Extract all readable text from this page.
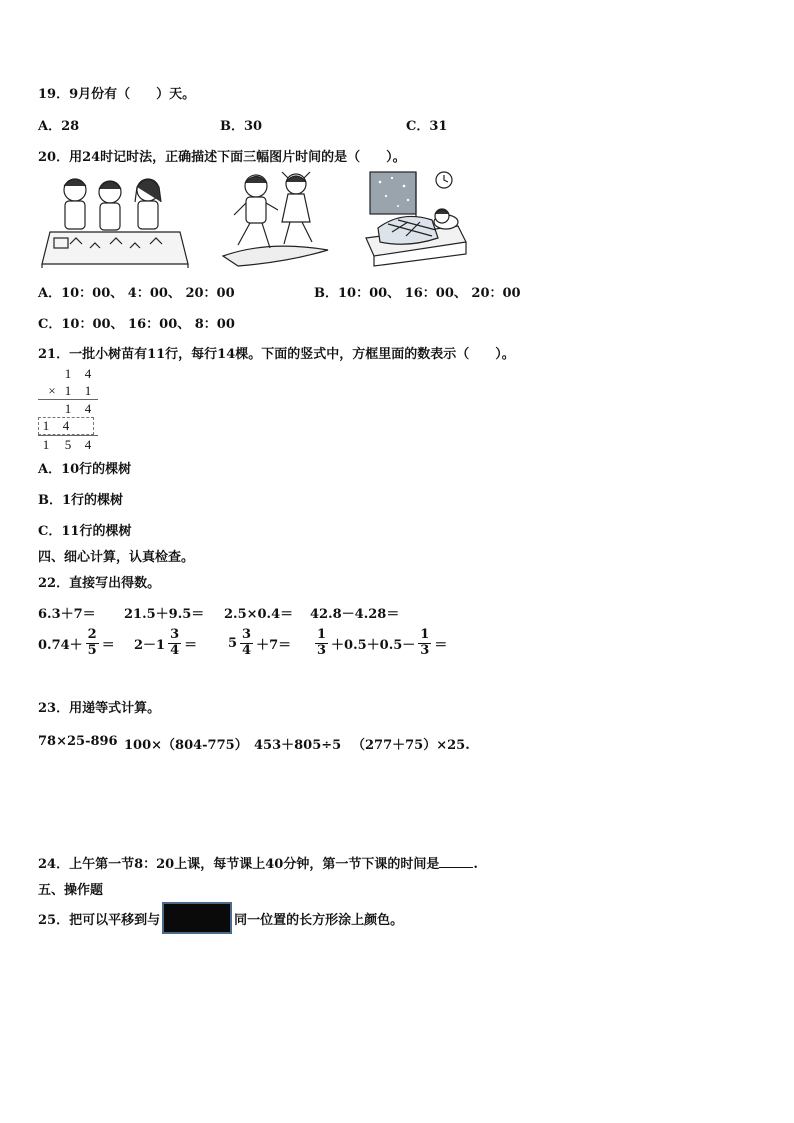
19．9月份有（　　）天。
A．28	B．30	C．31
20．用24时记时法，正确描述下面三幅图片时间的是（　　）。
A．10：00、 4：00、 20：00	B．10：00、 16：00、 20：00
C．10：00、 16：00、 8：00
21．一批小树苗有11行，每行14棵。下面的竖式中，方框里面的数表示（　　）。
1 4
× 1 1
1 4
1 4
1 5 4
A．10行的棵树
B．1行的棵树
C．11行的棵树
四、细心计算，认真检查。
22．直接写出得数。
6.3＋7＝ 21.5＋9.5＝ 2.5×0.4＝ 42.8－4.28＝
$0.74+ \frac{2}{5} = 2-1 \frac{3}{4} = 5 \frac{3}{4} +7= \frac{1}{3} +0.5+0.5- \frac{1}{3}$ ＝
23．用递等式计算。
78×25-896 100×（804-775） 453＋805÷5 （277＋75）×25.
24．上午第一节8：20上课，每节课上40分钟，第一节下课的时间是	.
五、操作题
25．把可以平移到与	同一位置的长方形涂上颜色。
